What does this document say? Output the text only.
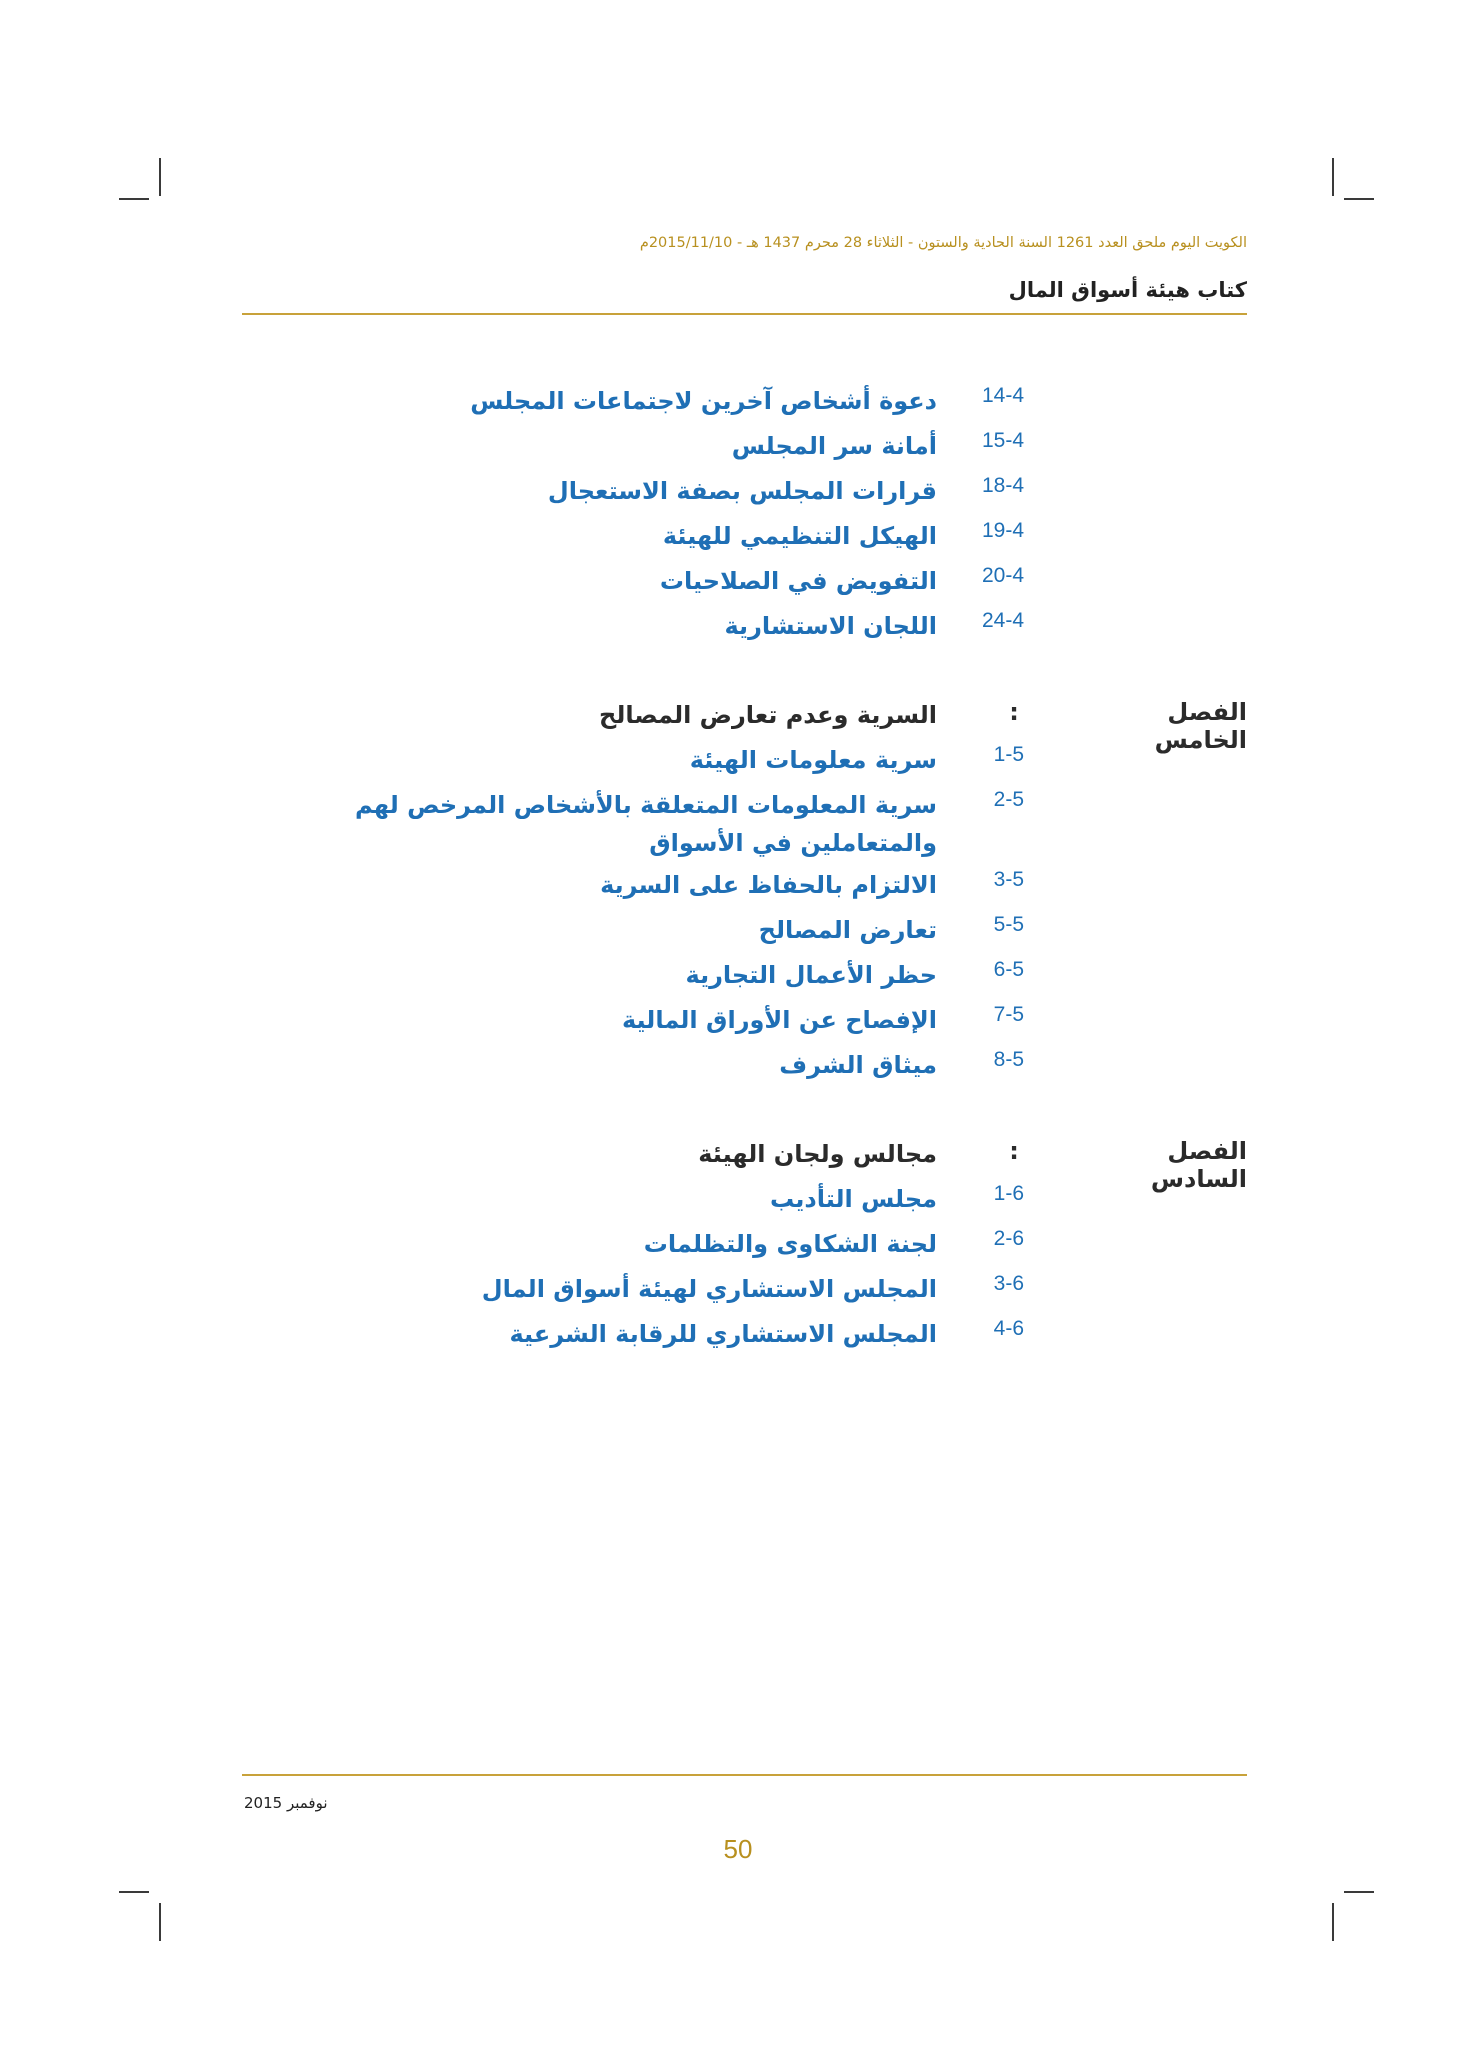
الكويت اليوم ملحق العدد 1261 السنة الحادية والستون - الثلاثاء 28 محرم 1437 هـ - 2015/11/10م
كتاب هيئة أسواق المال
14-4
دعوة أشخاص آخرين لاجتماعات المجلس
15-4
أمانة سر المجلس
18-4
قرارات المجلس بصفة الاستعجال
19-4
الهيكل التنظيمي للهيئة
20-4
التفويض في الصلاحيات
24-4
اللجان الاستشارية
الفصل الخامس
:
السرية وعدم تعارض المصالح
1-5
سرية معلومات الهيئة
2-5
سرية المعلومات المتعلقة بالأشخاص المرخص لهم والمتعاملين في الأسواق
3-5
الالتزام بالحفاظ على السرية
5-5
تعارض المصالح
6-5
حظر الأعمال التجارية
7-5
الإفصاح عن الأوراق المالية
8-5
ميثاق الشرف
الفصل السادس
:
مجالس ولجان الهيئة
1-6
مجلس التأديب
2-6
لجنة الشكاوى والتظلمات
3-6
المجلس الاستشاري لهيئة أسواق المال
4-6
المجلس الاستشاري للرقابة الشرعية
نوفمبر 2015
50
